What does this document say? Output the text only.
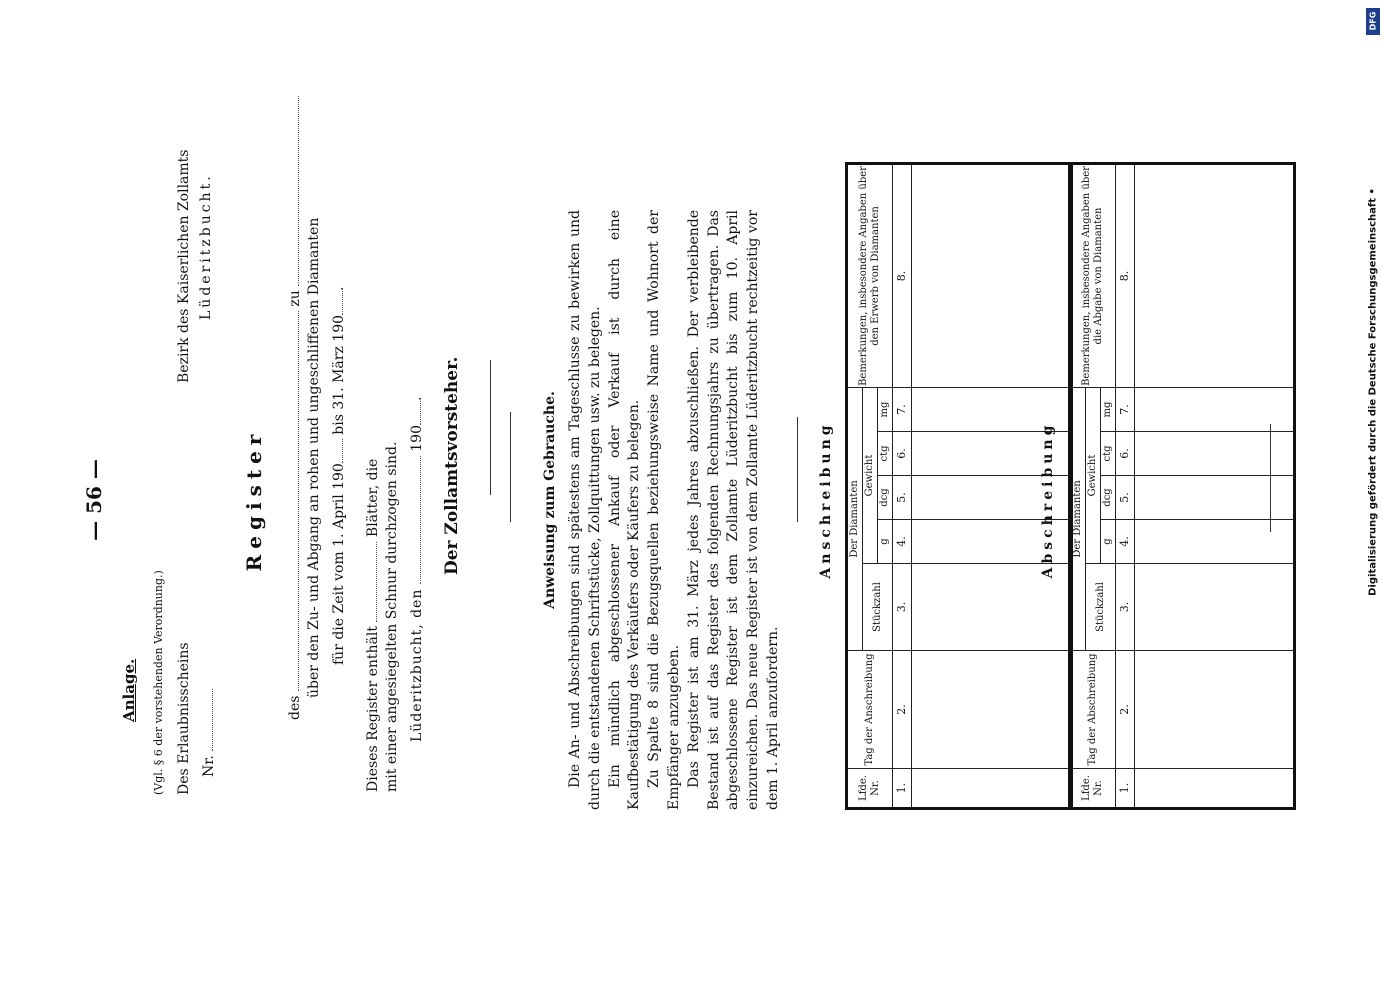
— 56 —
Anlage. (Vgl. § 6 der vorstehenden Verordnung.) Des Erlaubnisscheins Nr.
Bezirk des Kaiserlichen Zollamts Lüderitzbucht.
Register
des  zu über den Zu- und Abgang an rohen und ungeschliffenen Diamanten für die Zeit vom 1. April 190 bis 31. März 190.
Dieses Register enthält  Blätter, die mit einer angesiegelten Schnur durchzogen sind. Lüderitzbucht, den  190. Der Zollamtsvorsteher.	Anweisung zum Gebrauche. Die An- und Abschreibungen sind spätestens am Tageschlusse zu bewirken und durch die entstandenen Schriftstücke, Zollquittungen usw. zu belegen. Ein mündlich abgeschlossener Ankauf oder Verkauf ist durch eine Kaufbestätigung des Verkäufers oder Käufers zu belegen. Zu Spalte 8 sind die Bezugsquellen beziehungsweise Name und Wohnort der Empfänger anzugeben. Das Register ist am 31. März jedes Jahres abzuschließen. Der verbleibende Bestand ist auf das Register des folgenden Rechnungsjahrs zu übertragen. Das abgeschlossene Register ist dem Zollamte Lüderitzbucht bis zum 10. April einzureichen. Das neue Register ist von dem Zollamte Lüderitzbucht rechtzeitig vor dem 1. April anzufordern.

Anschreibung
Lfde. Nr.	Tag der Anschreibung	Der Diamanten					Bemerkungen, insbesondere Angaben über den Erwerb von Diamanten
		Stückzahl	Gewicht				
			g	dcg	ctg	mg	
1.	2.	3.	4.	5.	6.	7.	8.

Abschreibung
Lfde. Nr.	Tag der Abschreibung	Der Diamanten					Bemerkungen, insbesondere Angaben über die Abgabe von Diamanten
		Stückzahl	Gewicht				
			g	dcg	ctg	mg	
1.	2.	3.	4.	5.	6.	7.	8.
								Digitalisierung gefördert durch die Deutsche Forschungsgemeinschaft •
DFG
